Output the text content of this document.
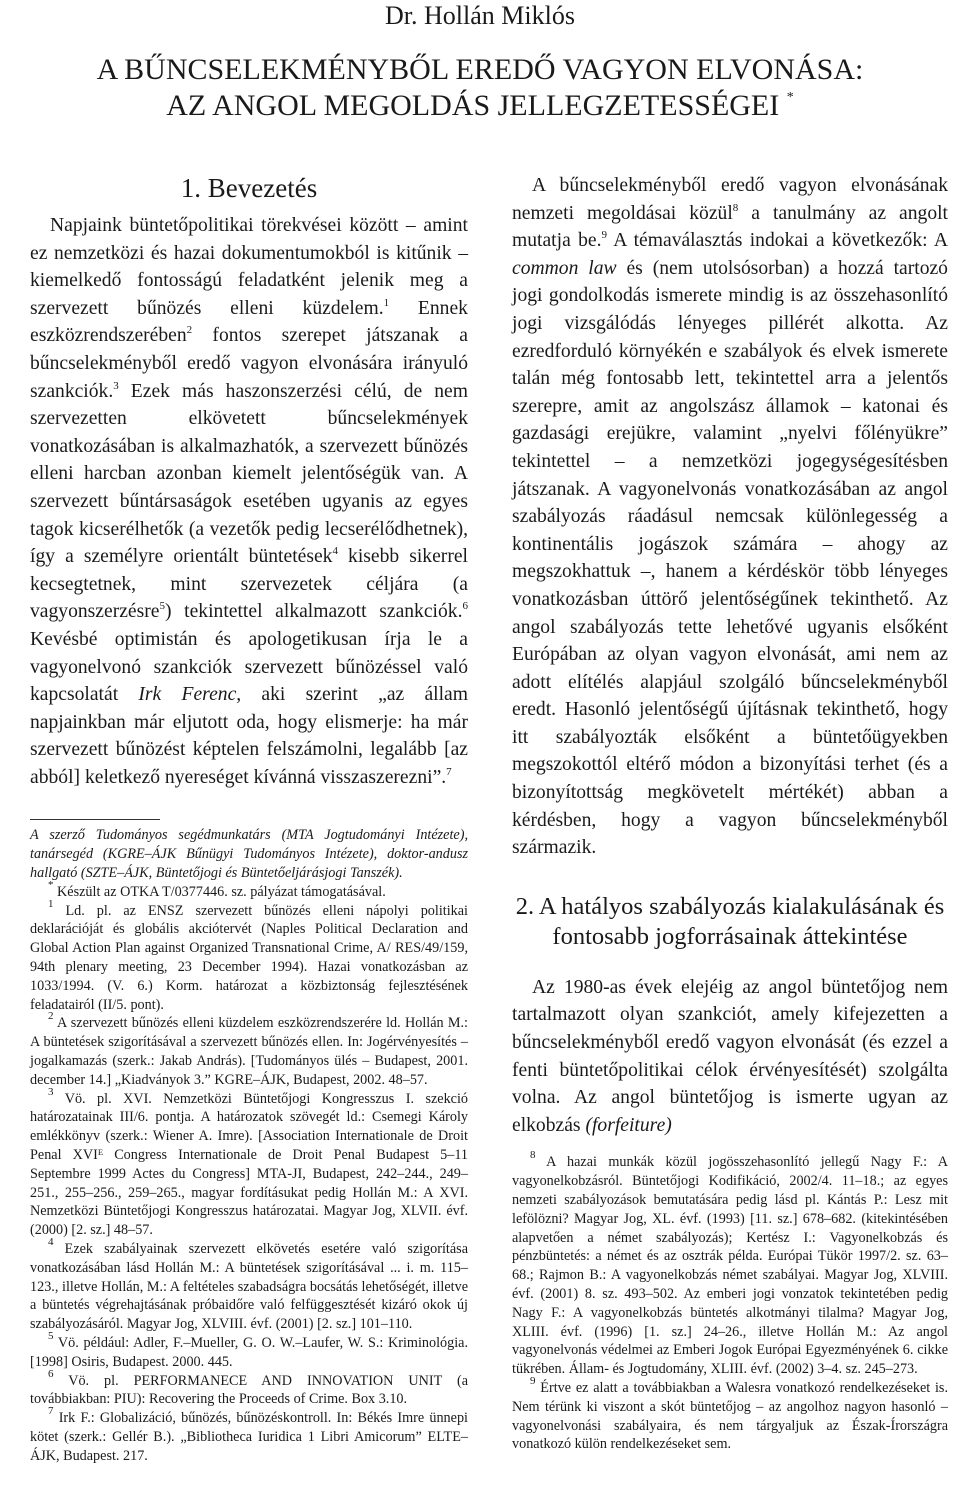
Dr. Hollán Miklós
A BŰNCSELEKMÉNYBŐL EREDŐ VAGYON ELVONÁSA:
AZ ANGOL MEGOLDÁS JELLEGZETESSÉGEI *
1. Bevezetés

Napjaink büntetőpolitikai törekvései között – amint ez nemzetközi és hazai dokumentumokból is kitűnik – kiemelkedő fontosságú feladatként jelenik meg a szervezett bűnözés elleni küzdelem.$^1$ Ennek eszközrendszerében$^2$ fontos szerepet játszanak a bűncselekményből eredő vagyon elvonására irányuló szankciók.$^3$ Ezek más haszonszerzési célú, de nem szervezetten elkövetett bűncselekmények vonatkozásában is alkalmazhatók, a szervezett bűnözés elleni harcban azonban kiemelt jelentőségük van. A szervezett bűntársaságok esetében ugyanis az egyes tagok kicserélhetők (a vezetők pedig lecserélődhetnek), így a személyre orientált büntetések$^4$ kisebb sikerrel kecsegtetnek, mint szervezetek céljára (a vagyonszerzésre$^5$) tekintettel alkalmazott szankciók.$^6$ Kevésbé optimistán és apologetikusan írja le a vagyonelvonó szankciók szervezett bűnözéssel való kapcsolatát Irk Ferenc, aki szerint „az állam napjainkban már eljutott oda, hogy elismerje: ha már szervezett bűnözést képtelen felszámolni, legalább [az abból] keletkező nyereséget kívánná visszaszerezni”.$^7$

A szerző Tudományos segédmunkatárs (MTA Jogtudományi Intézete), tanársegéd (KGRE–ÁJK Bűnügyi Tudományos Intézete), doktor-andusz hallgató (SZTE–ÁJK, Büntetőjogi és Büntetőeljárásjogi Tanszék).

* Készült az OTKA T/0377446. sz. pályázat támogatásával.

$^1$ Ld. pl. az ENSZ szervezett bűnözés elleni nápolyi politikai deklarációját és globális akciótervét (Naples Political Declaration and Global Action Plan against Organized Transnational Crime, A/ RES/49/159, 94th plenary meeting, 23 December 1994). Hazai vonatkozásban az 1033/1994. (V. 6.) Korm. határozat a közbiztonság fejlesztésének feladatairól (II/5. pont).

$^2$ A szervezett bűnözés elleni küzdelem eszközrendszerére ld. Hollán M.: A büntetések szigorításával a szervezett bűnözés ellen. In: Jogérvényesítés – jogalkamazás (szerk.: Jakab András). [Tudományos ülés – Budapest, 2001. december 14.] „Kiadványok 3.” KGRE–ÁJK, Budapest, 2002. 48–57.

$^3$ Vö. pl. XVI. Nemzetközi Büntetőjogi Kongresszus I. szekció határozatainak III/6. pontja. A határozatok szövegét ld.: Csemegi Károly emlékkönyv (szerk.: Wiener A. Imre). [Association Internationale de Droit Penal XVIᴱ Congress Internationale de Droit Penal Budapest 5–11 Septembre 1999 Actes du Congress] MTA-JI, Budapest, 242–244., 249–251., 255–256., 259–265., magyar fordításukat pedig Hollán M.: A XVI. Nemzetközi Büntetőjogi Kongresszus határozatai. Magyar Jog, XLVII. évf. (2000) [2. sz.] 48–57.

$^4$ Ezek szabályainak szervezett elkövetés esetére való szigorítása vonatkozásában lásd Hollán M.: A büntetések szigorításával ... i. m. 115–123., illetve Hollán, M.: A feltételes szabadságra bocsátás lehetőségét, illetve a büntetés végrehajtásának próbaidőre való felfüggesztését kizáró okok új szabályozásáról. Magyar Jog, XLVIII. évf. (2001) [2. sz.] 101–110.

$^5$ Vö. például: Adler, F.–Mueller, G. O. W.–Laufer, W. S.: Kriminológia. [1998] Osiris, Budapest. 2000. 445.

$^6$ Vö. pl. PERFORMANECE AND INNOVATION UNIT (a továbbiakban: PIU): Recovering the Proceeds of Crime. Box 3.10.

$^7$ Irk F.: Globalizáció, bűnözés, bűnözéskontroll. In: Békés Imre ünnepi kötet (szerk.: Gellér B.). „Bibliotheca Iuridica 1 Libri Amicorum” ELTE–ÁJK, Budapest. 217.

A bűncselekményből eredő vagyon elvonásának nemzeti megoldásai közül$^8$ a tanulmány az angolt mutatja be.$^9$ A témaválasztás indokai a következők: A common law és (nem utolsósorban) a hozzá tartozó jogi gondolkodás ismerete mindig is az összehasonlító jogi vizsgálódás lényeges pillérét alkotta. Az ezredforduló környékén e szabályok és elvek ismerete talán még fontosabb lett, tekintettel arra a jelentős szerepre, amit az angolszász államok – katonai és gazdasági erejükre, valamint „nyelvi főlényükre” tekintettel – a nemzetközi jogegységesítésben játszanak. A vagyonelvonás vonatkozásában az angol szabályozás ráadásul nemcsak különlegesség a kontinentális jogászok számára – ahogy az megszokhattuk –, hanem a kérdéskör több lényeges vonatkozásban úttörő jelentőségűnek tekinthető. Az angol szabályozás tette lehetővé ugyanis elsőként Európában az olyan vagyon elvonását, ami nem az adott elítélés alapjául szolgáló bűncselekményből eredt. Hasonló jelentőségű újításnak tekinthető, hogy itt szabályozták elsőként a büntetőügyekben megszokottól eltérő módon a bizonyítási terhet (és a bizonyítottság megkövetelt mértékét) abban a kérdésben, hogy a vagyon bűncselekményből származik.

2. A hatályos szabályozás kialakulásának és fontosabb jogforrásainak áttekintése

Az 1980-as évek elejéig az angol büntetőjog nem tartalmazott olyan szankciót, amely kifejezetten a bűncselekményből eredő vagyon elvonását (és ezzel a fenti büntetőpolitikai célok érvényesítését) szolgálta volna. Az angol büntetőjog is ismerte ugyan az elkobzás (forfeiture)

$^8$ A hazai munkák közül jogösszehasonlító jellegű Nagy F.: A vagyonelkobzásról. Büntetőjogi Kodifikáció, 2002/4. 11–18.; az egyes nemzeti szabályozások bemutatására pedig lásd pl. Kántás P.: Lesz mit lefölözni? Magyar Jog, XL. évf. (1993) [11. sz.] 678–682. (kitekintésében alapvetően a német szabályozás); Kertész I.: Vagyonelkobzás és pénzbüntetés: a német és az osztrák példa. Európai Tükör 1997/2. sz. 63–68.; Rajmon B.: A vagyonelkobzás német szabályai. Magyar Jog, XLVIII. évf. (2001) 8. sz. 493–502. Az emberi jogi vonzatok tekintetében pedig Nagy F.: A vagyonelkobzás büntetés alkotmányi tilalma? Magyar Jog, XLIII. évf. (1996) [1. sz.] 24–26., illetve Hollán M.: Az angol vagyonelvonás védelmei az Emberi Jogok Európai Egyezményének 6. cikke tükrében. Állam- és Jogtudomány, XLIII. évf. (2002) 3–4. sz. 245–273.

$^9$ Értve ez alatt a továbbiakban a Walesra vonatkozó rendelkezéseket is. Nem térünk ki viszont a skót büntetőjog – az angolhoz nagyon hasonló – vagyonelvonási szabályaira, és nem tárgyaljuk az Észak-Írországra vonatkozó külön rendelkezéseket sem.
